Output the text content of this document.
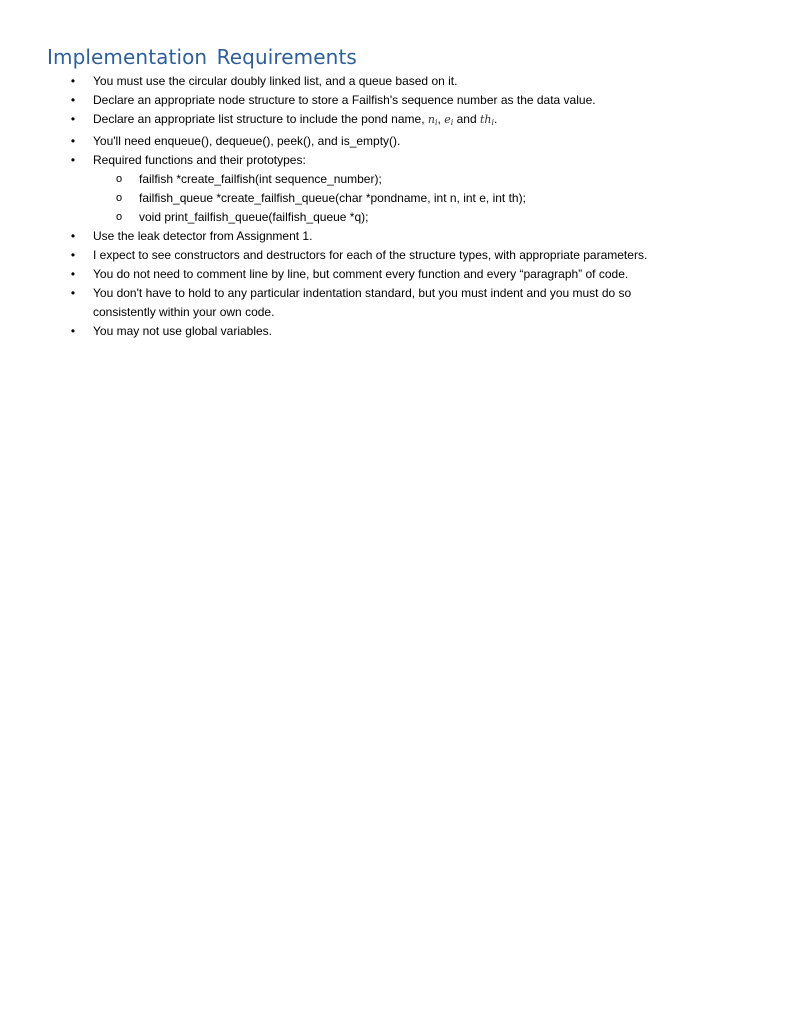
Implementation Requirements
• You must use the circular doubly linked list, and a queue based on it.
• Declare an appropriate node structure to store a Failfish's sequence number as the data value.
• Declare an appropriate list structure to include the pond name, $n_i$, $e_i$ and $th_i$.
• You'll need enqueue(), dequeue(), peek(), and is_empty().
• Required functions and their prototypes:
o failfish *create_failfish(int sequence_number);
o failfish_queue *create_failfish_queue(char *pondname, int n, int e, int th);
o void print_failfish_queue(failfish_queue *q);
• Use the leak detector from Assignment 1.
• I expect to see constructors and destructors for each of the structure types, with appropriate parameters.
• You do not need to comment line by line, but comment every function and every “paragraph” of code.
• You don't have to hold to any particular indentation standard, but you must indent and you must do so
consistently within your own code.
• You may not use global variables.
